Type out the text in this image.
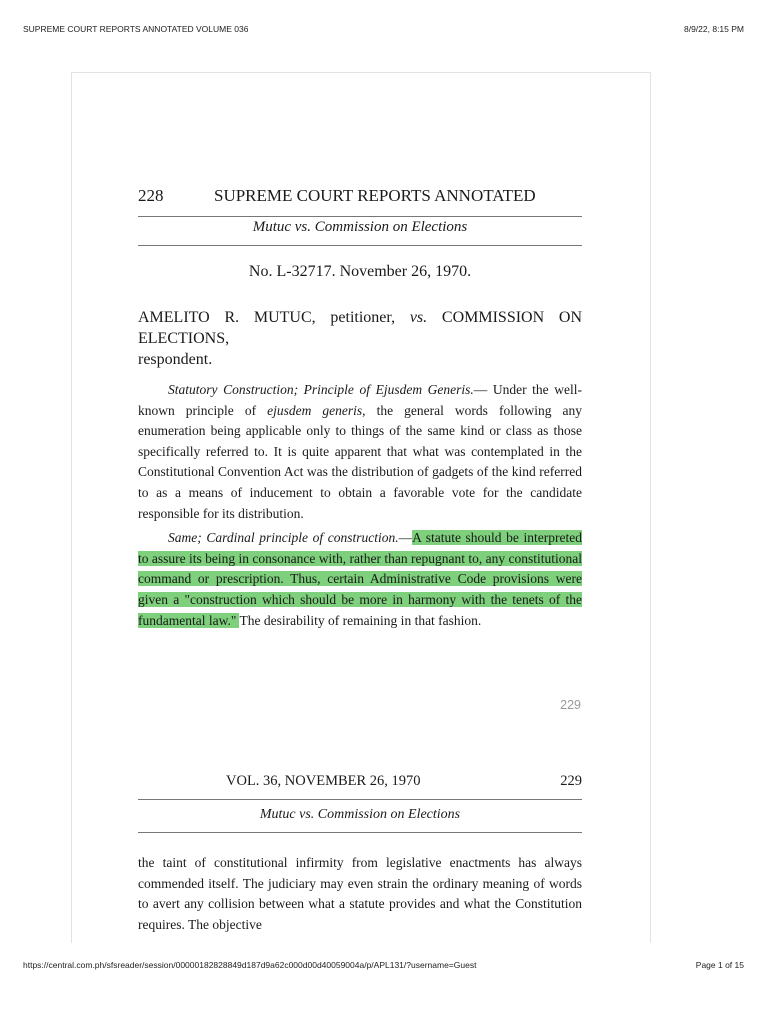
SUPREME COURT REPORTS ANNOTATED VOLUME 036	8/9/22, 8:15 PM
228	SUPREME COURT REPORTS ANNOTATED
Mutuc vs. Commission on Elections
No. L-32717. November 26, 1970.
AMELITO R. MUTUC, petitioner, vs. COMMISSION ON ELECTIONS,
respondent.

Statutory Construction; Principle of Ejusdem Generis.— Under the well-known principle of ejusdem generis, the general words following any enumeration being applicable only to things of the same kind or class as those specifically referred to. It is quite apparent that what was contemplated in the Constitutional Convention Act was the distribution of gadgets of the kind referred to as a means of inducement to obtain a favorable vote for the candidate responsible for its distribution.

Same; Cardinal principle of construction.—A statute should be interpreted to assure its being in consonance with, rather than repugnant to, any constitutional command or prescription. Thus, certain Administrative Code provisions were given a "construction which should be more in harmony with the tenets of the fundamental law." The desirability of remaining in that fashion.

229
VOL. 36, NOVEMBER 26, 1970	229
Mutuc vs. Commission on Elections

the taint of constitutional infirmity from legislative enactments has always commended itself. The judiciary may even strain the ordinary meaning of words to avert any collision between what a statute provides and what the Constitution requires. The objective

https://central.com.ph/sfsreader/session/00000182828849d187d9a62c000d00d40059004a/p/APL131/?username=Guest	Page 1 of 15
